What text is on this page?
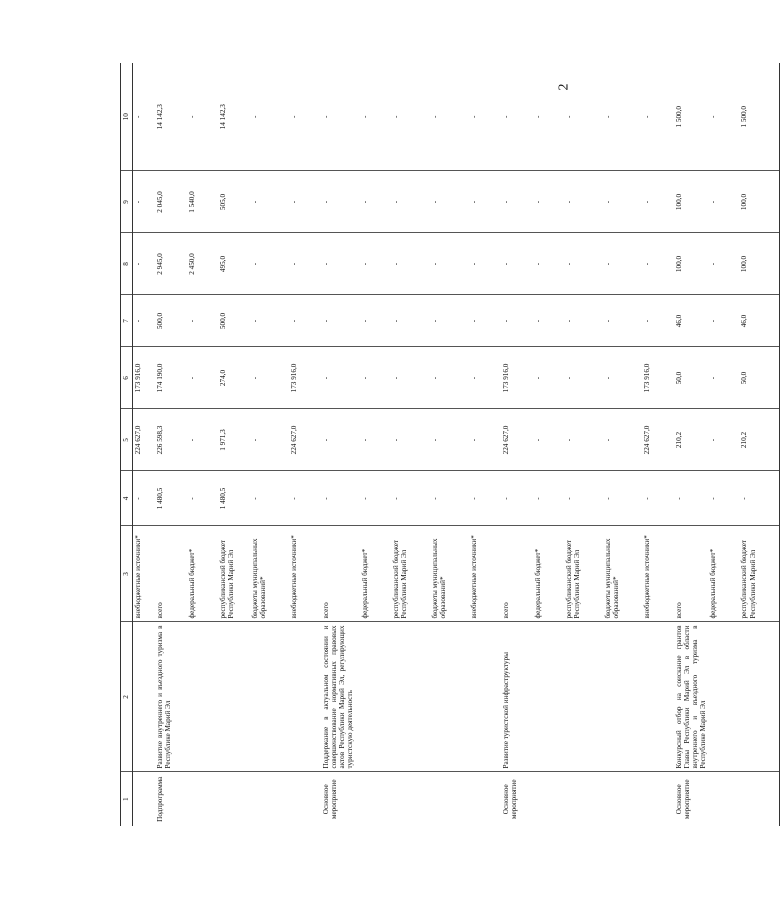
2
1	2	3	4	5	6	7	8	9	10
		внебюджетные источники*	-	224 627,0	173 916,0	-	-	-	-
Подпрограмма	Развитие внутреннего и въездного туризма в Республике Марий Эл	всего	1 480,5	226 598,3	174 190,0	500,0	2 945,0	2 045,0	14 142,3
		федеральный бюджет*	-	-	-	-	2 450,0	1 540,0	-
		республиканский бюджет Республики Марий Эл	1 480,5	1 971,3	274,0	500,0	495,0	505,0	14 142,3
		бюджеты муниципальных образований*	-	-	-	-	-	-	-
		внебюджетные источники*	-	224 627,0	173 916,0	-	-	-	-
Основное мероприятие	Поддержание в актуальном состоянии и совершенствование нормативных правовых актов Республики Марий Эл, регулирующих туристскую деятельность	всего	-	-	-	-	-	-	-
		федеральный бюджет*	-	-	-	-	-	-	-
		республиканский бюджет Республики Марий Эл	-	-	-	-	-	-	-
		бюджеты муниципальных образований*	-	-	-	-	-	-	-
		внебюджетные источники*	-	-	-	-	-	-	-
Основное мероприятие	Развитие туристской инфраструктуры	всего	-	224 627,0	173 916,0	-	-	-	-
		федеральный бюджет*	-	-	-	-	-	-	-
		республиканский бюджет Республики Марий Эл	-	-	-	-	-	-	-
		бюджеты муниципальных образований*	-	-	-	-	-	-	-
		внебюджетные источники*	-	224 627,0	173 916,0	-	-	-	-
Основное мероприятие	Конкурсный отбор на соискание грантов Главы Республики Марий Эл в области внутреннего и въездного туризма в Республике Марий Эл	всего	-	210,2	50,0	46,0	100,0	100,0	1 500,0
		федеральный бюджет*	-	-	-	-	-	-	-
		республиканский бюджет Республики Марий Эл	-	210,2	50,0	46,0	100,0	100,0	1 500,0
